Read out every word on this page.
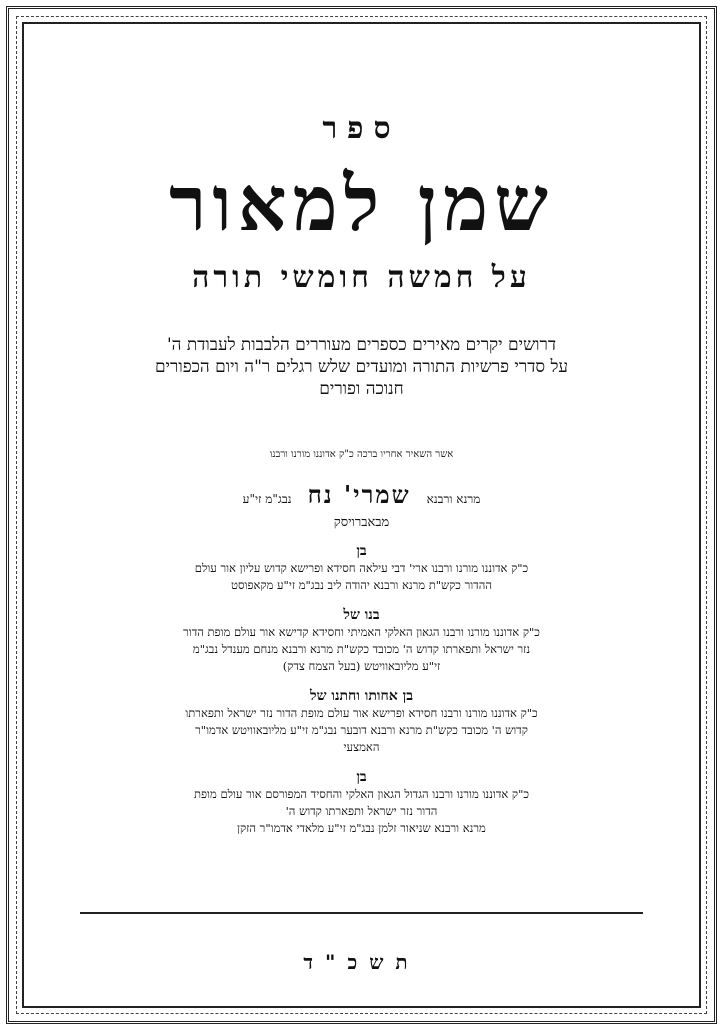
ספר
שמן למאור
על חמשה חומשי תורה
דרושים יקרים מאירים כספרים מעוררים הלבבות לעבודת ה'
על סדרי פרשיות התורה ומועדים שלש רגלים ר"ה ויום הכפורים
חנוכה ופורים
אשר השאיר אחריו ברכה כ"ק אדוננו מורנו ורבנו
מרנא ורבנא
שמרי' נח
נבג"מ זי"ע
מבאברויסק
בן
כ"ק אדוננו מורנו ורבנו ארי' דבי עילאה חסידא ופרישא קדוש עליון אור עולם
ההדור כקש"ת מרנא ורבנא יהודה ליב נבג"מ זי"ע מקאפוסט
בנו של
כ"ק אדוננו מורנו ורבנו הגאון האלקי האמיתי וחסידא קדישא אור עולם מופת הדור
נזר ישראל ותפארתו קדוש ה' מכובד כקש"ת מרנא ורבנא מנחם מענדל נבג"מ
זי"ע מליובאוויטש (בעל הצמח צדק)
בן אחותו וחתנו של
כ"ק אדוננו מורנו ורבנו חסידא ופרישא אור עולם מופת הדור נזר ישראל ותפארתו
קדוש ה' מכובד כקש"ת מרנא ורבנא דובער נבג"מ זי"ע מליובאוויטש אדמו"ר
האמצעי
בן
כ"ק אדוננו מורנו ורבנו הגדול הגאון האלקי והחסיד המפורסם אור עולם מופת
הדור נזר ישראל ותפארתו קדוש ה'
מרנא ורבנא שניאור זלמן נבג"מ זי"ע מלאדי אדמו"ר הזקן
תשכ"ד
